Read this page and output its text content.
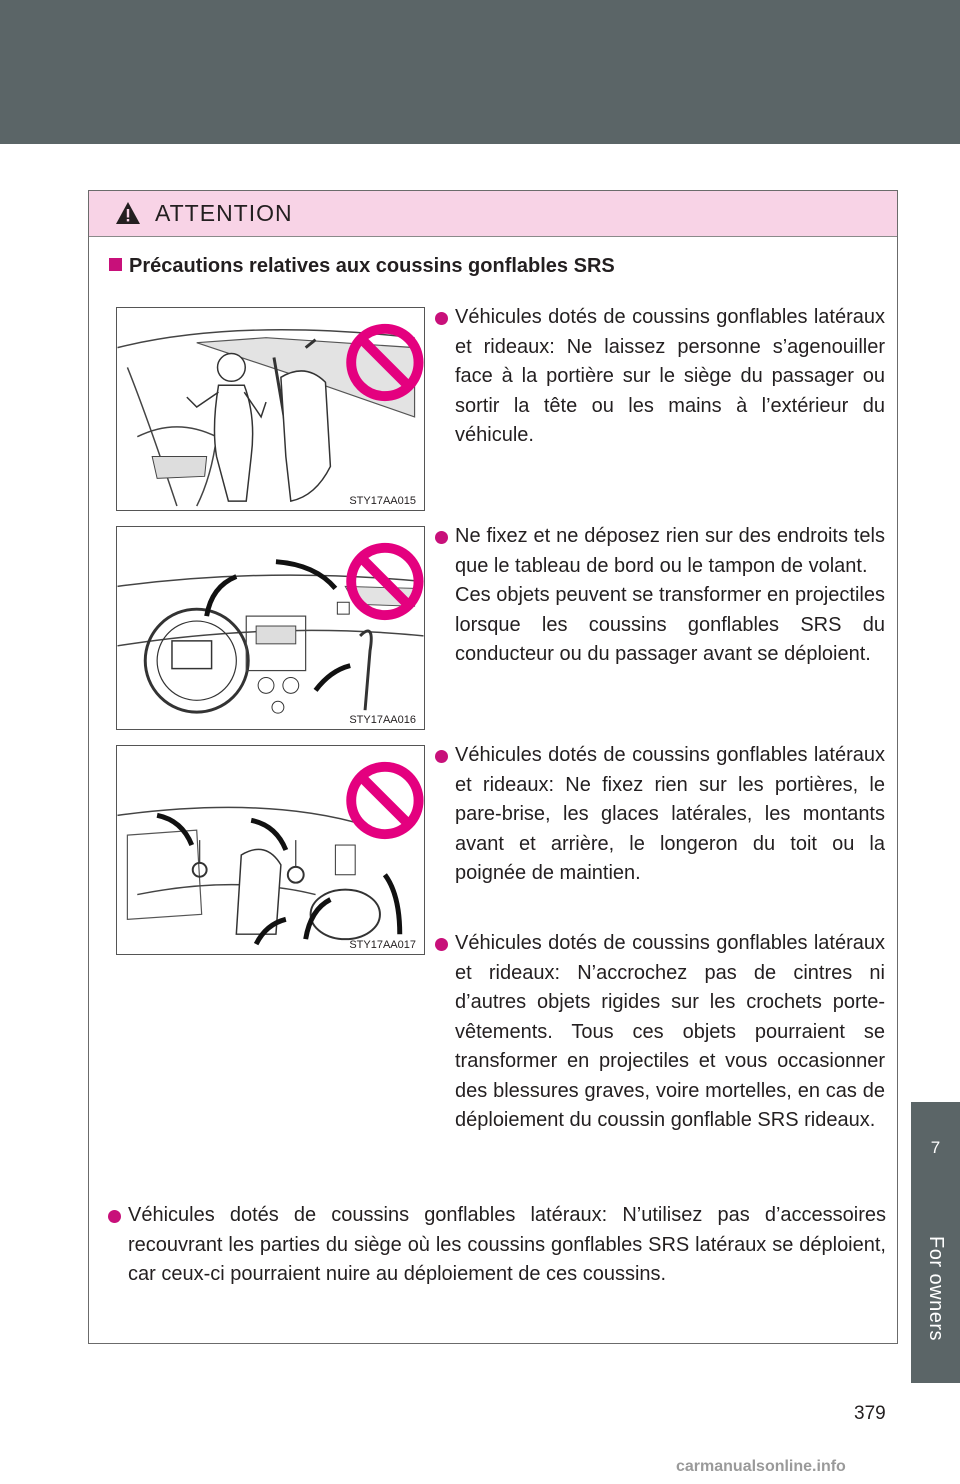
7
For owners
ATTENTION
Précautions relatives aux coussins gonflables SRS
STY17AA015
STY17AA016
STY17AA017

Véhicules dotés de coussins gonflables latéraux et rideaux: Ne laissez personne s’agenouiller face à la portière sur le siège du passager ou sortir la tête ou les mains à l’extérieur du véhicule.

Ne fixez et ne déposez rien sur des endroits tels que le tableau de bord ou le tampon de volant.

Ces objets peuvent se transformer en projectiles lorsque les coussins gonflables SRS du conducteur ou du passager avant se déploient.

Véhicules dotés de coussins gonflables latéraux et rideaux: Ne fixez rien sur les portières, le pare-brise, les glaces latérales, les montants avant et arrière, le longeron du toit ou la poignée de maintien.

Véhicules dotés de coussins gonflables latéraux et rideaux: N’accrochez pas de cintres ni d’autres objets rigides sur les crochets porte-vêtements. Tous ces objets pourraient se transformer en projectiles et vous occasionner des blessures graves, voire mortelles, en cas de déploiement du coussin gonflable SRS rideaux.

Véhicules dotés de coussins gonflables latéraux: N’utilisez pas d’accessoires recouvrant les parties du siège où les coussins gonflables SRS latéraux se déploient, car ceux-ci pourraient nuire au déploiement de ces coussins.

379
carmanualsonline.info
